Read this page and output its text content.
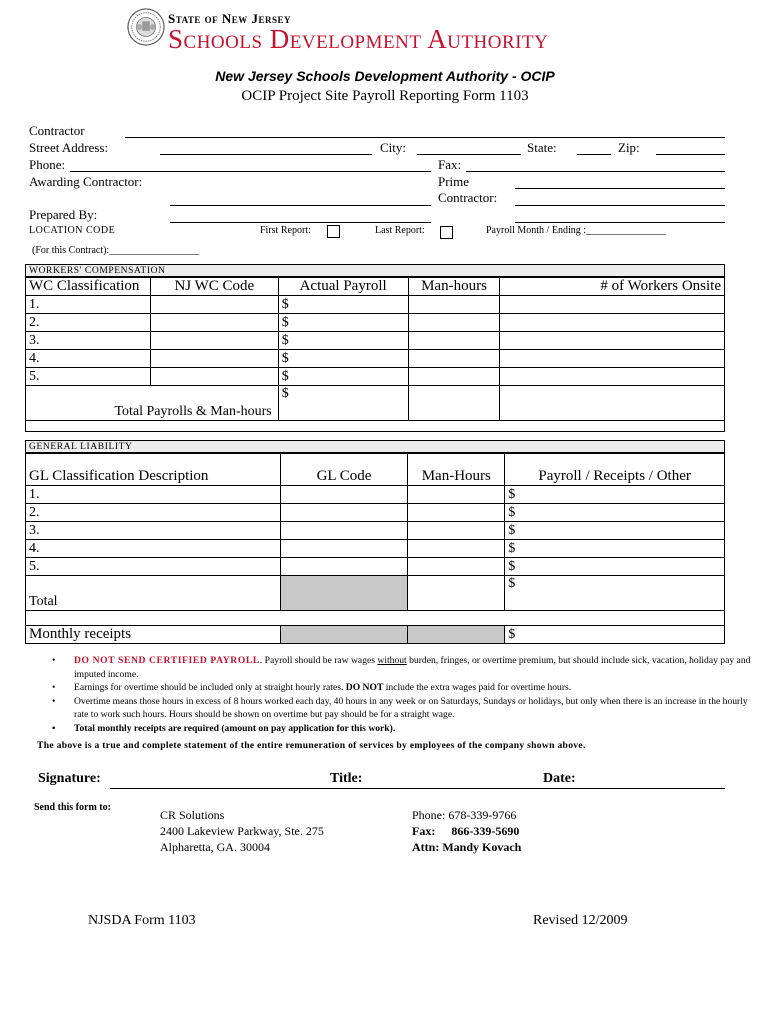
State of New Jersey
Schools Development Authority
New Jersey Schools Development Authority - OCIP
OCIP Project Site Payroll Reporting Form 1103
Contractor
Street Address:	City:	State:	Zip:
Phone:	Fax:
Awarding Contractor:	Prime
Contractor:
Prepared By:
LOCATION CODE	First Report:	Last Report:	Payroll Month / Ending :________________
(For this Contract):__________________
WORKERS' COMPENSATION
WC Classification	NJ WC Code	Actual Payroll	Man-hours	# of Workers Onsite
1.		$		
2.		$		
3.		$		
4.		$		
5.		$		
Total Payrolls & Man-hours		$		

GENERAL LIABILITY
GL Classification Description	GL Code	Man-Hours	Payroll / Receipts / Other
1.			$
2.			$
3.			$
4.			$
5.			$
Total			$

Monthly receipts			$
• DO NOT SEND CERTIFIED PAYROLL. Payroll should be raw wages without burden, fringes, or overtime premium, but should include sick, vacation, holiday pay and imputed income.
• Earnings for overtime should be included only at straight hourly rates. DO NOT include the extra wages paid for overtime hours.
• Overtime means those hours in excess of 8 hours worked each day, 40 hours in any week or on Saturdays, Sundays or holidays, but only when there is an increase in the hourly rate to work such hours. Hours should be shown on overtime but pay should be for a straight wage.
• Total monthly receipts are required (amount on pay application for this work).
The above is a true and complete statement of the entire remuneration of services by employees of the company shown above.
Signature:	Title:	Date:
Send this form to:
CR Solutions
2400 Lakeview Parkway, Ste. 275
Alpharetta, GA. 30004
Phone: 678-339-9766
Fax: 866-339-5690
Attn: Mandy Kovach
NJSDA Form 1103	Revised 12/2009
